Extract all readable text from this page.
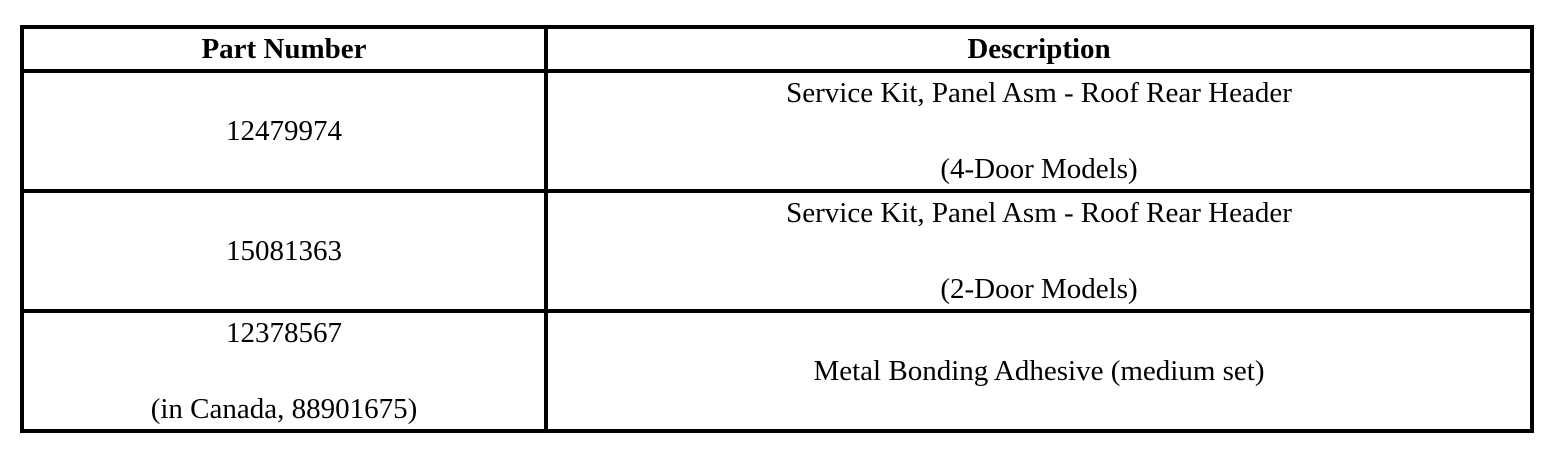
Part Number	Description

12479974	Service Kit, Panel Asm - Roof Rear Header
(4-Door Models)

15081363	Service Kit, Panel Asm - Roof Rear Header
(2-Door Models)

12378567
(in Canada, 88901675)	Metal Bonding Adhesive (medium set)
